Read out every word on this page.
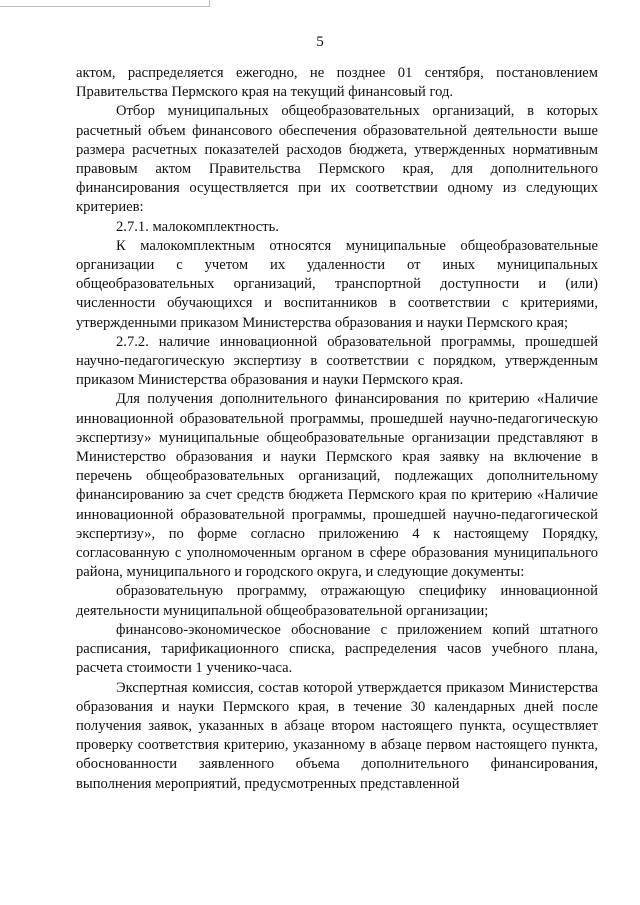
5

актом, распределяется ежегодно, не позднее 01 сентября, постановлением Правительства Пермского края на текущий финансовый год.

Отбор муниципальных общеобразовательных организаций, в которых расчетный объем финансового обеспечения образовательной деятельности выше размера расчетных показателей расходов бюджета, утвержденных нормативным правовым актом Правительства Пермского края, для дополнительного финансирования осуществляется при их соответствии одному из следующих критериев:

2.7.1. малокомплектность.

К малокомплектным относятся муниципальные общеобразовательные организации с учетом их удаленности от иных муниципальных общеобразовательных организаций, транспортной доступности и (или) численности обучающихся и воспитанников в соответствии с критериями, утвержденными приказом Министерства образования и науки Пермского края;

2.7.2. наличие инновационной образовательной программы, прошедшей научно-педагогическую экспертизу в соответствии с порядком, утвержденным приказом Министерства образования и науки Пермского края.

Для получения дополнительного финансирования по критерию «Наличие инновационной образовательной программы, прошедшей научно-педагогическую экспертизу» муниципальные общеобразовательные организации представляют в Министерство образования и науки Пермского края заявку на включение в перечень общеобразовательных организаций, подлежащих дополнительному финансированию за счет средств бюджета Пермского края по критерию «Наличие инновационной образовательной программы, прошедшей научно-педагогической экспертизу», по форме согласно приложению 4 к настоящему Порядку, согласованную с уполномоченным органом в сфере образования муниципального района, муниципального и городского округа, и следующие документы:

образовательную программу, отражающую специфику инновационной деятельности муниципальной общеобразовательной организации;

финансово-экономическое обоснование с приложением копий штатного расписания, тарификационного списка, распределения часов учебного плана, расчета стоимости 1 ученико-часа.

Экспертная комиссия, состав которой утверждается приказом Министерства образования и науки Пермского края, в течение 30 календарных дней после получения заявок, указанных в абзаце втором настоящего пункта, осуществляет проверку соответствия критерию, указанному в абзаце первом настоящего пункта, обоснованности заявленного объема дополнительного финансирования, выполнения мероприятий, предусмотренных представленной
